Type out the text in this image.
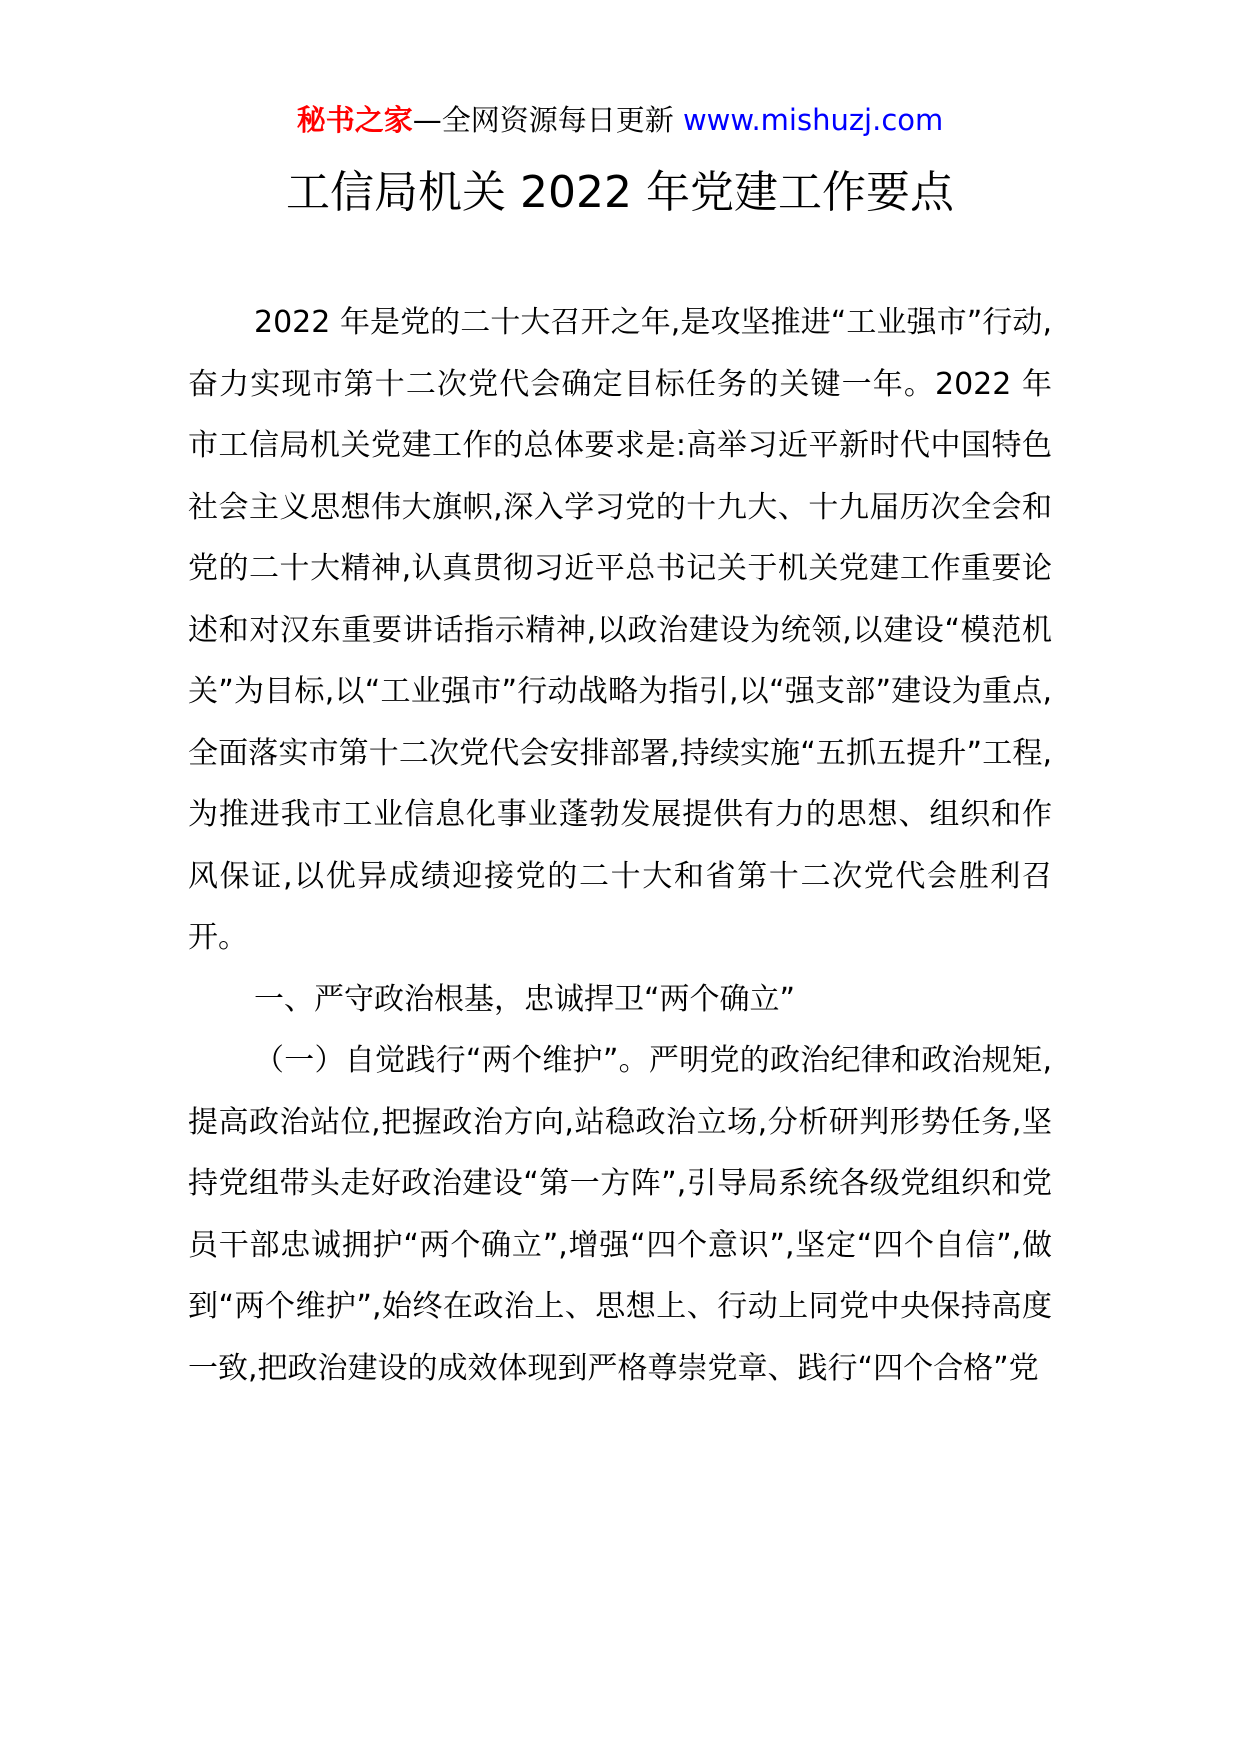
秘书之家—全网资源每日更新 www.mishuzj.com
工信局机关 2022 年党建工作要点

2022 年是党的二十大召开之年,是攻坚推进“工业强市”行动,奋力实现市第十二次党代会确定目标任务的关键一年。2022 年市工信局机关党建工作的总体要求是:高举习近平新时代中国特色社会主义思想伟大旗帜,深入学习党的十九大、十九届历次全会和党的二十大精神,认真贯彻习近平总书记关于机关党建工作重要论述和对汉东重要讲话指示精神,以政治建设为统领,以建设“模范机关”为目标,以“工业强市”行动战略为指引,以“强支部”建设为重点,全面落实市第十二次党代会安排部署,持续实施“五抓五提升”工程,为推进我市工业信息化事业蓬勃发展提供有力的思想、组织和作风保证,以优异成绩迎接党的二十大和省第十二次党代会胜利召开。

一、严守政治根基，忠诚捍卫“两个确立”

（一）自觉践行“两个维护”。严明党的政治纪律和政治规矩,提高政治站位,把握政治方向,站稳政治立场,分析研判形势任务,坚持党组带头走好政治建设“第一方阵”,引导局系统各级党组织和党员干部忠诚拥护“两个确立”,增强“四个意识”,坚定“四个自信”,做到“两个维护”,始终在政治上、思想上、行动上同党中央保持高度一致,把政治建设的成效体现到严格尊崇党章、践行“四个合格”党
